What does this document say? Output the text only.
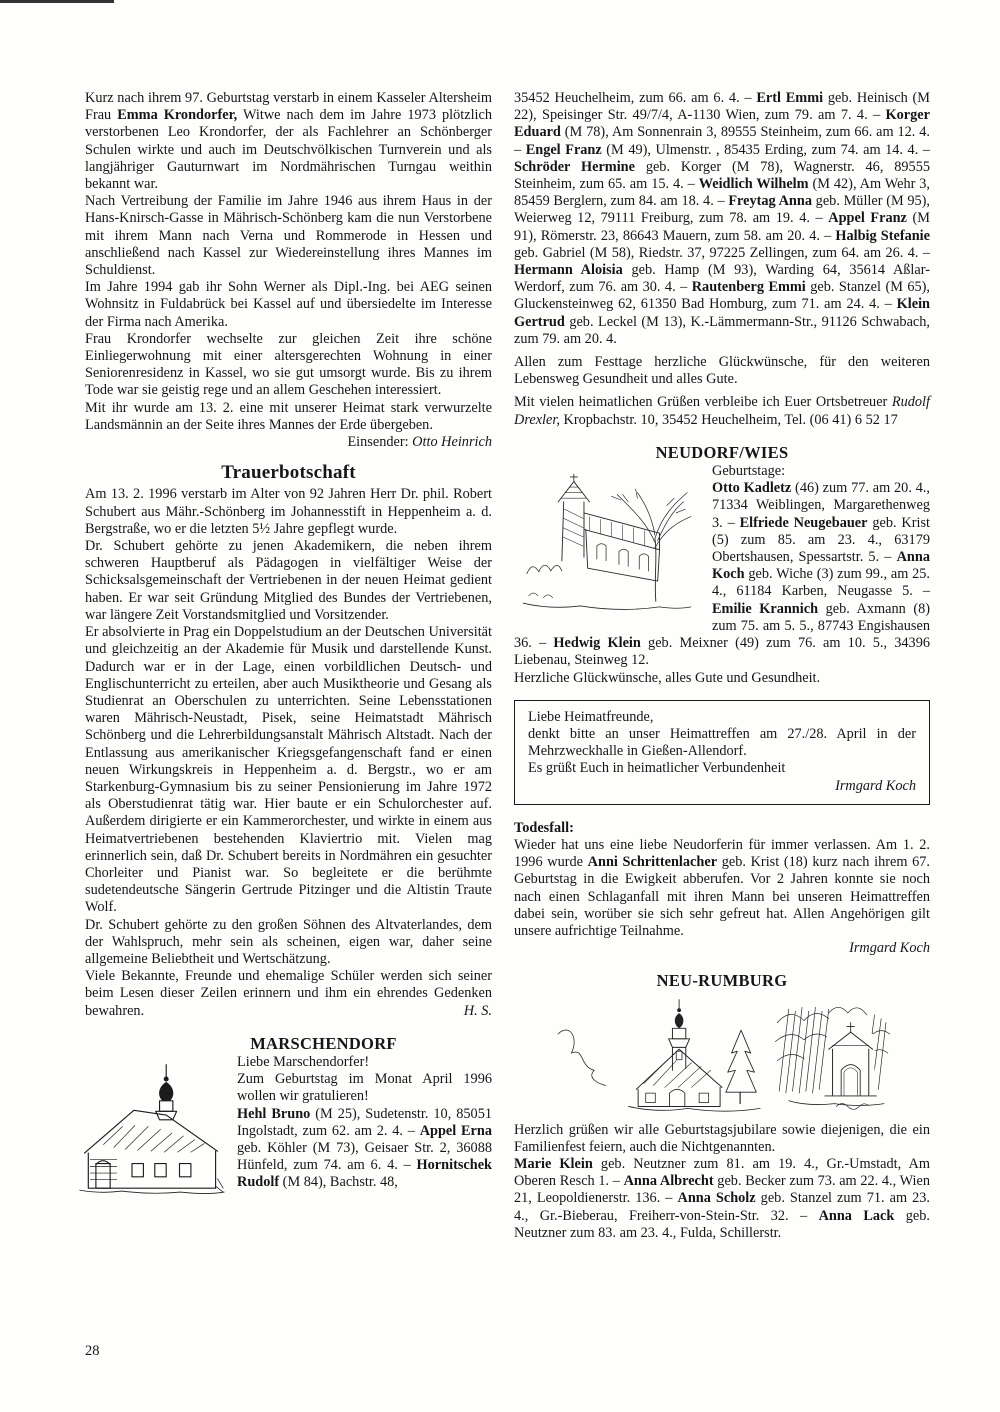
Kurz nach ihrem 97. Geburtstag verstarb in einem Kasseler Altersheim Frau Emma Krondorfer, Witwe nach dem im Jahre 1973 plötzlich verstorbenen Leo Krondorfer, der als Fachlehrer an Schönberger Schulen wirkte und auch im Deutschvölkischen Turnverein und als langjähriger Gauturnwart im Nordmährischen Turngau weithin bekannt war.

Nach Vertreibung der Familie im Jahre 1946 aus ihrem Haus in der Hans-Knirsch-Gasse in Mährisch-Schönberg kam die nun Verstorbene mit ihrem Mann nach Verna und Rommerode in Hessen und anschließend nach Kassel zur Wiedereinstellung ihres Mannes im Schuldienst.

Im Jahre 1994 gab ihr Sohn Werner als Dipl.-Ing. bei AEG seinen Wohnsitz in Fuldabrück bei Kassel auf und übersiedelte im Interesse der Firma nach Amerika.

Frau Krondorfer wechselte zur gleichen Zeit ihre schöne Einliegerwohnung mit einer altersgerechten Wohnung in einer Seniorenresidenz in Kassel, wo sie gut umsorgt wurde. Bis zu ihrem Tode war sie geistig rege und an allem Geschehen interessiert.

Mit ihr wurde am 13. 2. eine mit unserer Heimat stark verwurzelte Landsmännin an der Seite ihres Mannes der Erde übergeben.

Einsender: Otto Heinrich

Trauerbotschaft

Am 13. 2. 1996 verstarb im Alter von 92 Jahren Herr Dr. phil. Robert Schubert aus Mähr.-Schönberg im Johannesstift in Heppenheim a. d. Bergstraße, wo er die letzten 5½ Jahre gepflegt wurde.

Dr. Schubert gehörte zu jenen Akademikern, die neben ihrem schweren Hauptberuf als Pädagogen in vielfältiger Weise der Schicksalsgemeinschaft der Vertriebenen in der neuen Heimat gedient haben. Er war seit Gründung Mitglied des Bundes der Vertriebenen, war längere Zeit Vorstandsmitglied und Vorsitzender.

Er absolvierte in Prag ein Doppelstudium an der Deutschen Universität und gleichzeitig an der Akademie für Musik und darstellende Kunst. Dadurch war er in der Lage, einen vorbildlichen Deutsch- und Englischunterricht zu erteilen, aber auch Musiktheorie und Gesang als Studienrat an Oberschulen zu unterrichten. Seine Lebensstationen waren Mährisch-Neustadt, Pisek, seine Heimatstadt Mährisch Schönberg und die Lehrerbildungsanstalt Mährisch Altstadt. Nach der Entlassung aus amerikanischer Kriegsgefangenschaft fand er einen neuen Wirkungskreis in Heppenheim a. d. Bergstr., wo er am Starkenburg-Gymnasium bis zu seiner Pensionierung im Jahre 1972 als Oberstudienrat tätig war. Hier baute er ein Schulorchester auf. Außerdem dirigierte er ein Kammerorchester, und wirkte in einem aus Heimatvertriebenen bestehenden Klaviertrio mit. Vielen mag erinnerlich sein, daß Dr. Schubert bereits in Nordmähren ein gesuchter Chorleiter und Pianist war. So begleitete er die berühmte sudetendeutsche Sängerin Gertrude Pitzinger und die Altistin Traute Wolf.

Dr. Schubert gehörte zu den großen Söhnen des Altvaterlandes, dem der Wahlspruch, mehr sein als scheinen, eigen war, daher seine allgemeine Beliebtheit und Wertschätzung.

Viele Bekannte, Freunde und ehemalige Schüler werden sich seiner beim Lesen dieser Zeilen erinnern und ihm ein ehrendes Gedenken bewahren.	H. S.

MARSCHENDORF

Liebe Marschendorfer!

Zum Geburtstag im Monat April 1996 wollen wir gratulieren!

Hehl Bruno (M 25), Sudetenstr. 10, 85051 Ingolstadt, zum 62. am 2. 4. – Appel Erna geb. Köhler (M 73), Geisaer Str. 2, 36088 Hünfeld, zum 74. am 6. 4. – Hornitschek Rudolf (M 84), Bachstr. 48,

35452 Heuchelheim, zum 66. am 6. 4. – Ertl Emmi geb. Heinisch (M 22), Speisinger Str. 49/7/4, A-1130 Wien, zum 79. am 7. 4. – Korger Eduard (M 78), Am Sonnenrain 3, 89555 Steinheim, zum 66. am 12. 4. – Engel Franz (M 49), Ulmenstr. , 85435 Erding, zum 74. am 14. 4. – Schröder Hermine geb. Korger (M 78), Wagnerstr. 46, 89555 Steinheim, zum 65. am 15. 4. – Weidlich Wilhelm (M 42), Am Wehr 3, 85459 Berglern, zum 84. am 18. 4. – Freytag Anna geb. Müller (M 95), Weierweg 12, 79111 Freiburg, zum 78. am 19. 4. – Appel Franz (M 91), Römerstr. 23, 86643 Mauern, zum 58. am 20. 4. – Halbig Stefanie geb. Gabriel (M 58), Riedstr. 37, 97225 Zellingen, zum 64. am 26. 4. – Hermann Aloisia geb. Hamp (M 93), Warding 64, 35614 Aßlar-Werdorf, zum 76. am 30. 4. – Rautenberg Emmi geb. Stanzel (M 65), Gluckensteinweg 62, 61350 Bad Homburg, zum 71. am 24. 4. – Klein Gertrud geb. Leckel (M 13), K.-Lämmermann-Str., 91126 Schwabach, zum 79. am 20. 4.

Allen zum Festtage herzliche Glückwünsche, für den weiteren Lebensweg Gesundheit und alles Gute.

Mit vielen heimatlichen Grüßen verbleibe ich Euer Ortsbetreuer Rudolf Drexler, Kropbachstr. 10, 35452 Heuchelheim, Tel. (06 41) 6 52 17

NEUDORF/WIES

Geburtstage:

Otto Kadletz (46) zum 77. am 20. 4., 71334 Weiblingen, Margarethenweg 3. – Elfriede Neugebauer geb. Krist (5) zum 85. am 23. 4., 63179 Obertshausen, Spessartstr. 5. – Anna Koch geb. Wiche (3) zum 99., am 25. 4., 61184 Karben, Neugasse 5. – Emilie Krannich geb. Axmann (8) zum 75. am 5. 5., 87743 Engishausen 36. – Hedwig Klein geb. Meixner (49) zum 76. am 10. 5., 34396 Liebenau, Steinweg 12.

Herzliche Glückwünsche, alles Gute und Gesundheit.

Liebe Heimatfreunde,

denkt bitte an unser Heimattreffen am 27./28. April in der Mehrzweckhalle in Gießen-Allendorf.

Es grüßt Euch in heimatlicher Verbundenheit

Irmgard Koch

Todesfall:

Wieder hat uns eine liebe Neudorferin für immer verlassen. Am 1. 2. 1996 wurde Anni Schrittenlacher geb. Krist (18) kurz nach ihrem 67. Geburtstag in die Ewigkeit abberufen. Vor 2 Jahren konnte sie noch nach einen Schlaganfall mit ihren Mann bei unseren Heimattreffen dabei sein, worüber sie sich sehr gefreut hat. Allen Angehörigen gilt unsere aufrichtige Teilnahme.

Irmgard Koch

NEU-RUMBURG

Herzlich grüßen wir alle Geburtstagsjubilare sowie diejenigen, die ein Familienfest feiern, auch die Nichtgenannten.

Marie Klein geb. Neutzner zum 81. am 19. 4., Gr.-Umstadt, Am Oberen Resch 1. – Anna Albrecht geb. Becker zum 73. am 22. 4., Wien 21, Leopoldienerstr. 136. – Anna Scholz geb. Stanzel zum 71. am 23. 4., Gr.-Bieberau, Freiherr-von-Stein-Str. 32. – Anna Lack geb. Neutzner zum 83. am 23. 4., Fulda, Schillerstr.

28
